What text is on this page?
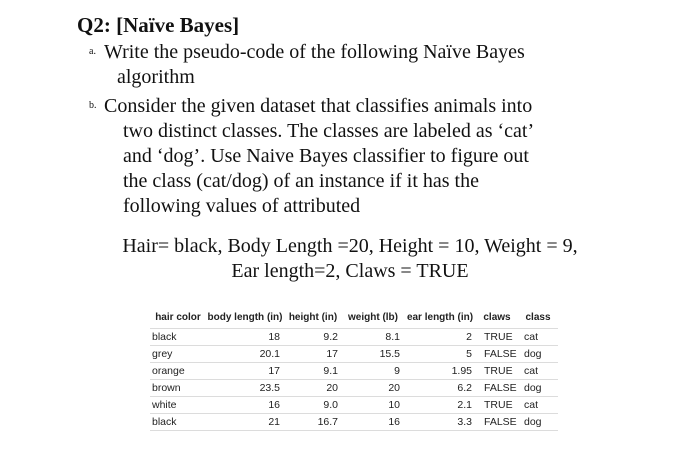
Q2: [Naïve Bayes]
a. Write the pseudo-code of the following Naïve Bayes
algorithm
b. Consider the given dataset that classifies animals into
two distinct classes. The classes are labeled as ‘cat’
and ‘dog’. Use Naive Bayes classifier to figure out
the class (cat/dog) of an instance if it has the
following values of attributed
Hair= black, Body Length =20, Height = 10, Weight = 9,
Ear length=2, Claws = TRUE
hair color	body length (in)	height (in)	weight (lb)	ear length (in)	claws	class
black	18	9.2	8.1	2	TRUE	cat
grey	20.1	17	15.5	5	FALSE	dog
orange	17	9.1	9	1.95	TRUE	cat
brown	23.5	20	20	6.2	FALSE	dog
white	16	9.0	10	2.1	TRUE	cat
black	21	16.7	16	3.3	FALSE	dog
